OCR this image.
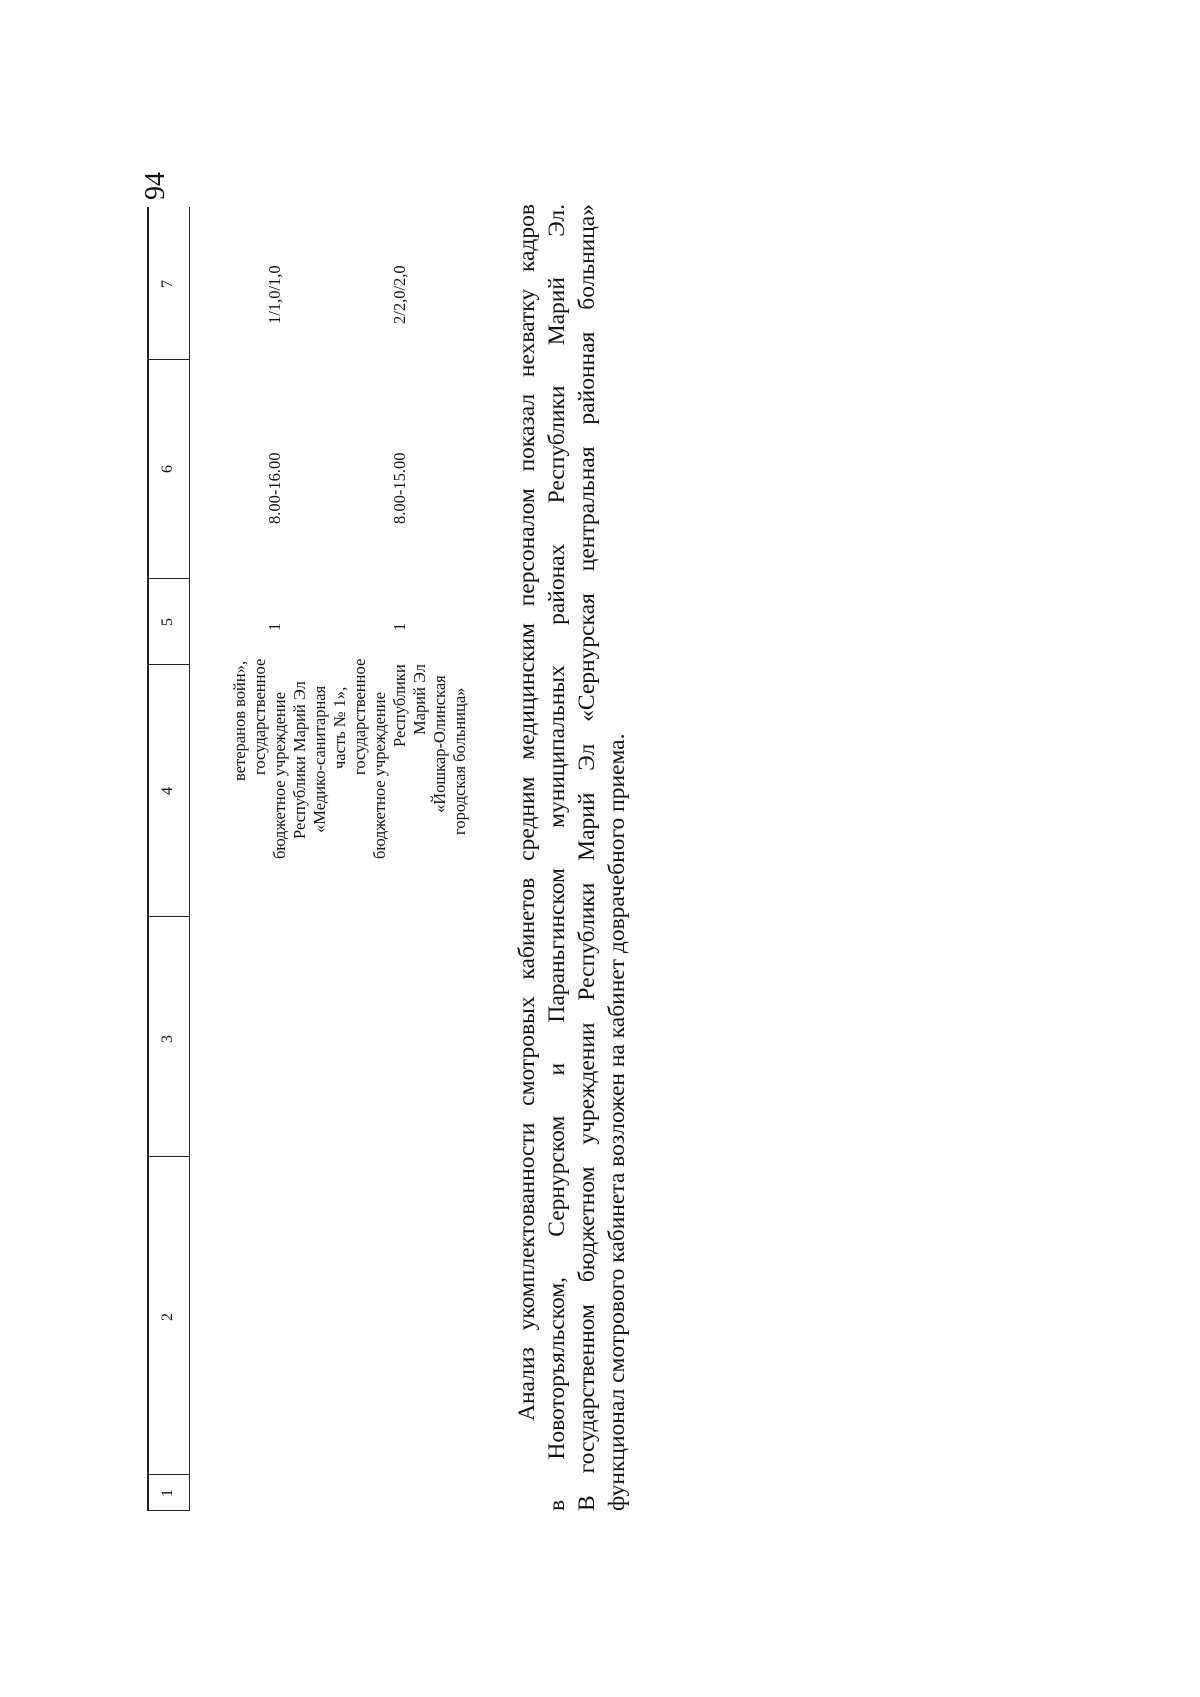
94
1
2
3
4
5
6
7
ветеранов войн», государственное бюджетное учреждение Республики Марий Эл «Медико-санитарная часть № 1», государственное бюджетное учреждение Республики Марий Эл «Йошкар-Олинская городская больница»
1
8.00-16.00
1/1,0/1,0
1
8.00-15.00
2/2,0/2,0	Анализ укомплектованности смотровых кабинетов средним медицинским персоналом показал нехватку кадров в Новоторъяльском, Сернурском и Параньгинском муниципальных районах Республики Марий Эл. В государственном бюджетном учреждении Республики Марий Эл «Сернурская центральная районная больница» функционал смотрового кабинета возложен на кабинет доврачебного приема.
